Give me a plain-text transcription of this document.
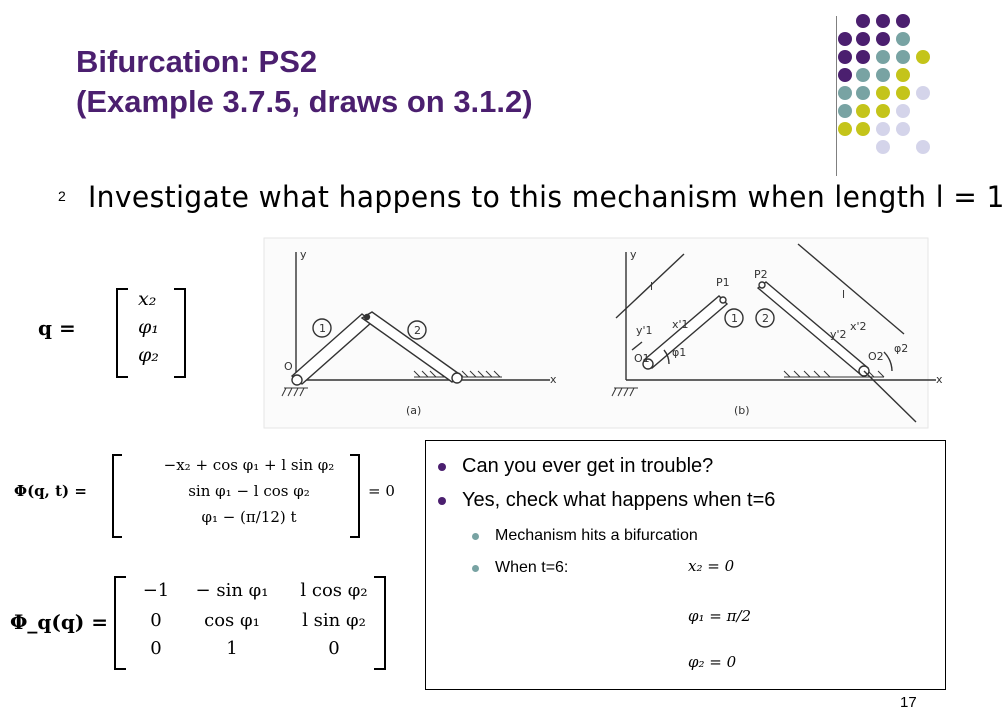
Bifurcation: PS2
(Example 3.7.5, draws on 3.1.2)
2 Investigate what happens to this mechanism when length l = 1
y
x
O
1	2
(a)
y
x
O1	O2
P1
P2
l
l
x'1
y'1	x'2
y'2
φ1	φ2
1 2
(b)
q =
x₂
φ₁
φ₂
Φ(q, t) =
−x₂ + cos φ₁ + l sin φ₂
sin φ₁ − l cos φ₂
φ₁ − (π/12) t
= 0
Φ_q(q) =
−1	− sin φ₁	l cos φ₂
0	cos φ₁	l sin φ₂
0	1	0
Can you ever get in trouble?
Yes, check what happens when t=6
Mechanism hits a bifurcation
When t=6:	x₂ = 0
φ₁ = π/2
φ₂ = 0
17
